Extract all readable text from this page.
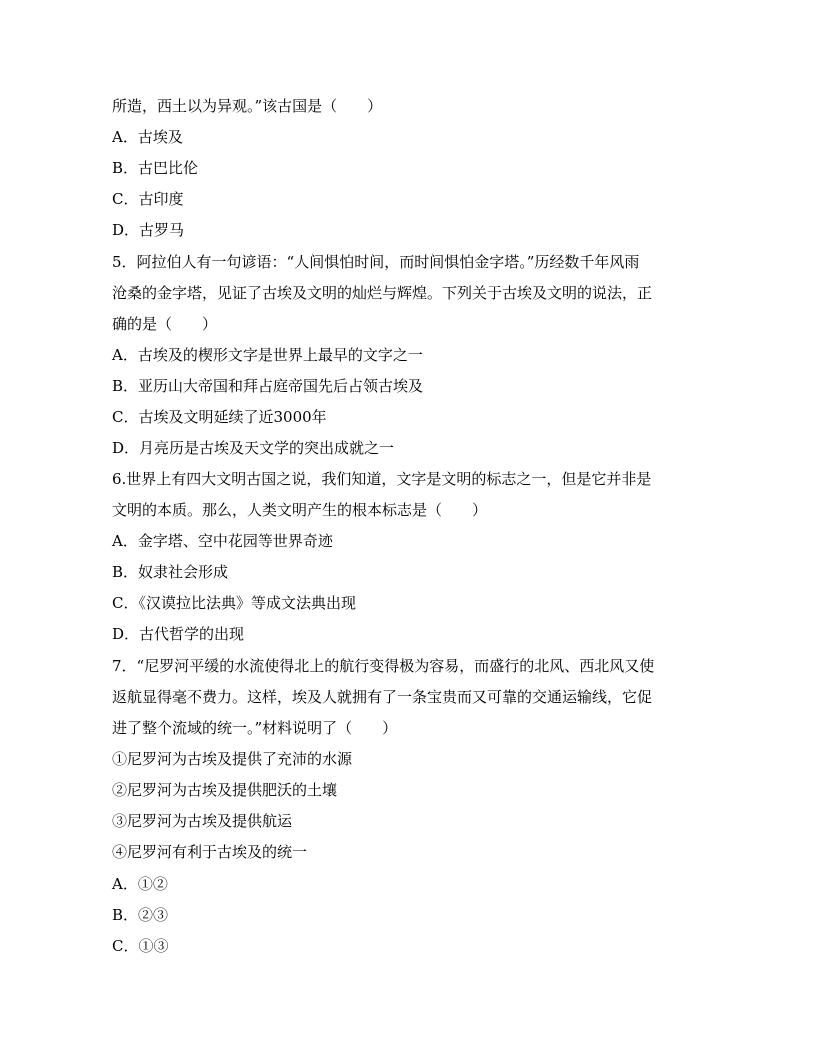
所造，西土以为异观。”该古国是（　　）
A．古埃及
B．古巴比伦
C．古印度
D．古罗马
5．阿拉伯人有一句谚语：“人间惧怕时间，而时间惧怕金字塔。”历经数千年风雨
沧桑的金字塔，见证了古埃及文明的灿烂与辉煌。下列关于古埃及文明的说法，正
确的是（　　）
A．古埃及的楔形文字是世界上最早的文字之一
B．亚历山大帝国和拜占庭帝国先后占领古埃及
C．古埃及文明延续了近3000年
D．月亮历是古埃及天文学的突出成就之一
6.世界上有四大文明古国之说，我们知道，文字是文明的标志之一，但是它并非是
文明的本质。那么，人类文明产生的根本标志是（　　）
A．金字塔、空中花园等世界奇迹
B．奴隶社会形成
C．《汉谟拉比法典》等成文法典出现
D．古代哲学的出现
7．“尼罗河平缓的水流使得北上的航行变得极为容易，而盛行的北风、西北风又使
返航显得毫不费力。这样，埃及人就拥有了一条宝贵而又可靠的交通运输线，它促
进了整个流域的统一。”材料说明了（　　）
①尼罗河为古埃及提供了充沛的水源
②尼罗河为古埃及提供肥沃的土壤
③尼罗河为古埃及提供航运
④尼罗河有利于古埃及的统一
A．①②
B．②③
C．①③
